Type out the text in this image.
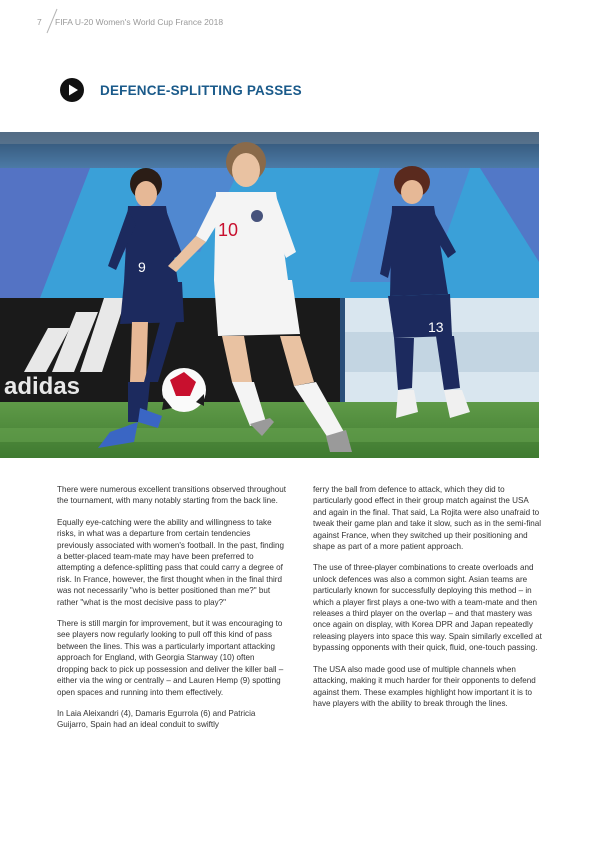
7 FIFA U-20 Women's World Cup France 2018
DEFENCE-SPLITTING PASSES
adidas
9
10
13

There were numerous excellent transitions observed throughout the tournament, with many notably starting from the back line.

Equally eye-catching were the ability and willingness to take risks, in what was a departure from certain tendencies previously associated with women's football. In the past, finding a better-placed team-mate may have been preferred to attempting a defence-splitting pass that could carry a degree of risk. In France, however, the first thought when in the final third was not necessarily "who is better positioned than me?" but rather "what is the most decisive pass to play?"

There is still margin for improvement, but it was encouraging to see players now regularly looking to pull off this kind of pass between the lines. This was a particularly important attacking approach for England, with Georgia Stanway (10) often dropping back to pick up possession and deliver the killer ball – either via the wing or centrally – and Lauren Hemp (9) spotting open spaces and running into them effectively.

In Laia Aleixandri (4), Damaris Egurrola (6) and Patricia Guijarro, Spain had an ideal conduit to swiftly

ferry the ball from defence to attack, which they did to particularly good effect in their group match against the USA and again in the final. That said, La Rojita were also unafraid to tweak their game plan and take it slow, such as in the semi-final against France, when they switched up their positioning and shape as part of a more patient approach.

The use of three-player combinations to create overloads and unlock defences was also a common sight. Asian teams are particularly known for successfully deploying this method – in which a player first plays a one-two with a team-mate and then releases a third player on the overlap – and that mastery was once again on display, with Korea DPR and Japan repeatedly releasing players into space this way. Spain similarly excelled at bypassing opponents with their quick, fluid, one-touch passing.

The USA also made good use of multiple channels when attacking, making it much harder for their opponents to defend against them. These examples highlight how important it is to have players with the ability to break through the lines.
